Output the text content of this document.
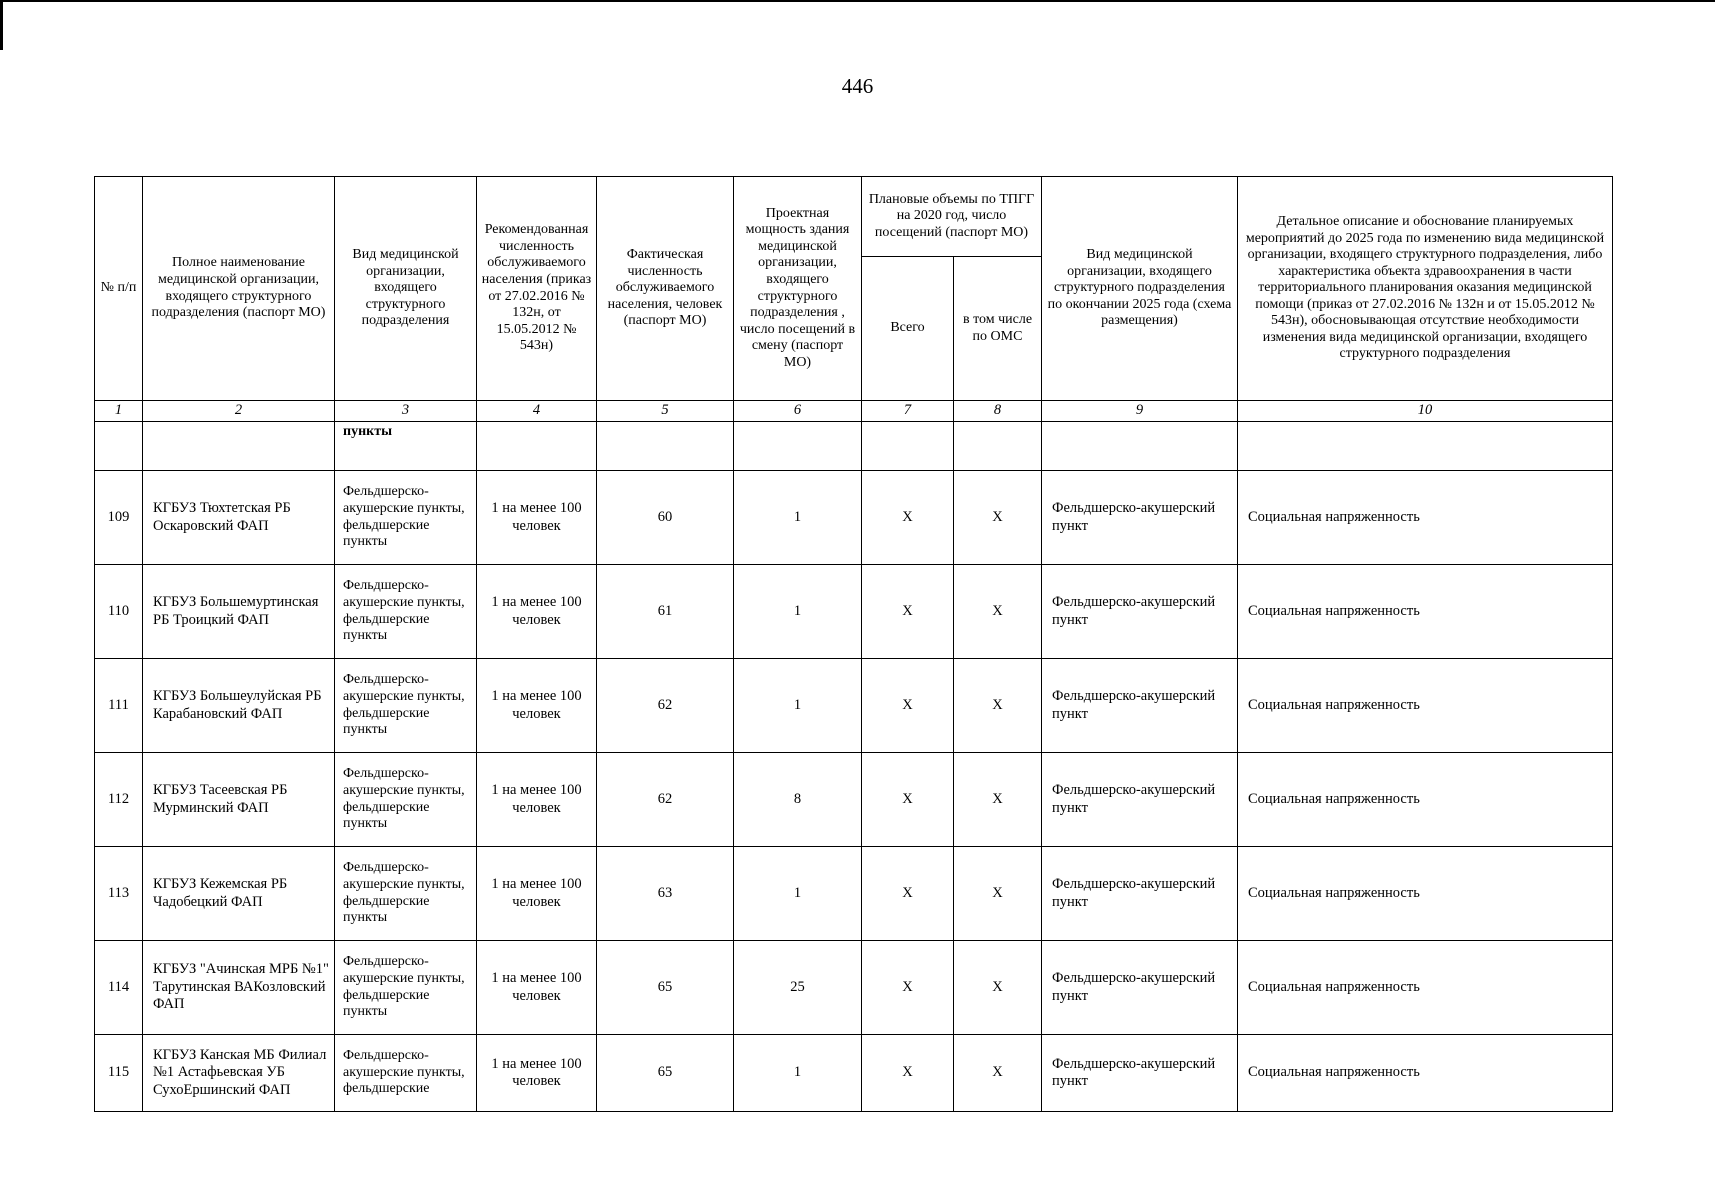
446
№ п/п	Полное наименование медицинской организации, входящего структурного подразделения (паспорт МО)	Вид медицинской организации, входящего структурного подразделения	Рекомендованная численность обслуживаемого населения (приказ от 27.02.2016 № 132н, от 15.05.2012 № 543н)	Фактическая численность обслуживаемого населения, человек (паспорт МО)	Проектная мощность здания медицинской организации, входящего структурного подразделения , число посещений в смену (паспорт МО)	Плановые объемы по ТПГГ на 2020 год, число посещений (паспорт МО)		Вид медицинской организации, входящего структурного подразделения по окончании 2025 года (схема размещения)	Детальное описание и обоснование планируемых мероприятий до 2025 года по изменению вида медицинской организации, входящего структурного подразделения, либо характеристика объекта здравоохранения в части территориального планирования оказания медицинской помощи (приказ от 27.02.2016 № 132н и от 15.05.2012 № 543н), обосновывающая отсутствие необходимости изменения вида медицинской организации, входящего структурного подразделения
						Всего	в том числе по ОМС		
1	2	3	4	5	6	7	8	9	10
		пункты							
109	КГБУЗ Тюхтетская РБ Оскаровский ФАП	Фельдшерско-акушерские пункты, фельдшерские пункты	1 на менее 100 человек	60	1	Х	Х	Фельдшерско-акушерский пункт	Социальная напряженность
110	КГБУЗ Большемуртинская РБ Троицкий ФАП	Фельдшерско-акушерские пункты, фельдшерские пункты	1 на менее 100 человек	61	1	Х	Х	Фельдшерско-акушерский пункт	Социальная напряженность
111	КГБУЗ Большеулуйская РБ Карабановский ФАП	Фельдшерско-акушерские пункты, фельдшерские пункты	1 на менее 100 человек	62	1	Х	Х	Фельдшерско-акушерский пункт	Социальная напряженность
112	КГБУЗ Тасеевская РБ Мурминский ФАП	Фельдшерско-акушерские пункты, фельдшерские пункты	1 на менее 100 человек	62	8	Х	Х	Фельдшерско-акушерский пункт	Социальная напряженность
113	КГБУЗ Кежемская РБ Чадобецкий ФАП	Фельдшерско-акушерские пункты, фельдшерские пункты	1 на менее 100 человек	63	1	Х	Х	Фельдшерско-акушерский пункт	Социальная напряженность
114	КГБУЗ "Ачинская МРБ №1" Тарутинская ВАКозловский ФАП	Фельдшерско-акушерские пункты, фельдшерские пункты	1 на менее 100 человек	65	25	Х	Х	Фельдшерско-акушерский пункт	Социальная напряженность
115	КГБУЗ Канская МБ Филиал №1 Астафьевская УБ СухоЕршинский ФАП	Фельдшерско-акушерские пункты, фельдшерские	1 на менее 100 человек	65	1	Х	Х	Фельдшерско-акушерский пункт	Социальная напряженность
